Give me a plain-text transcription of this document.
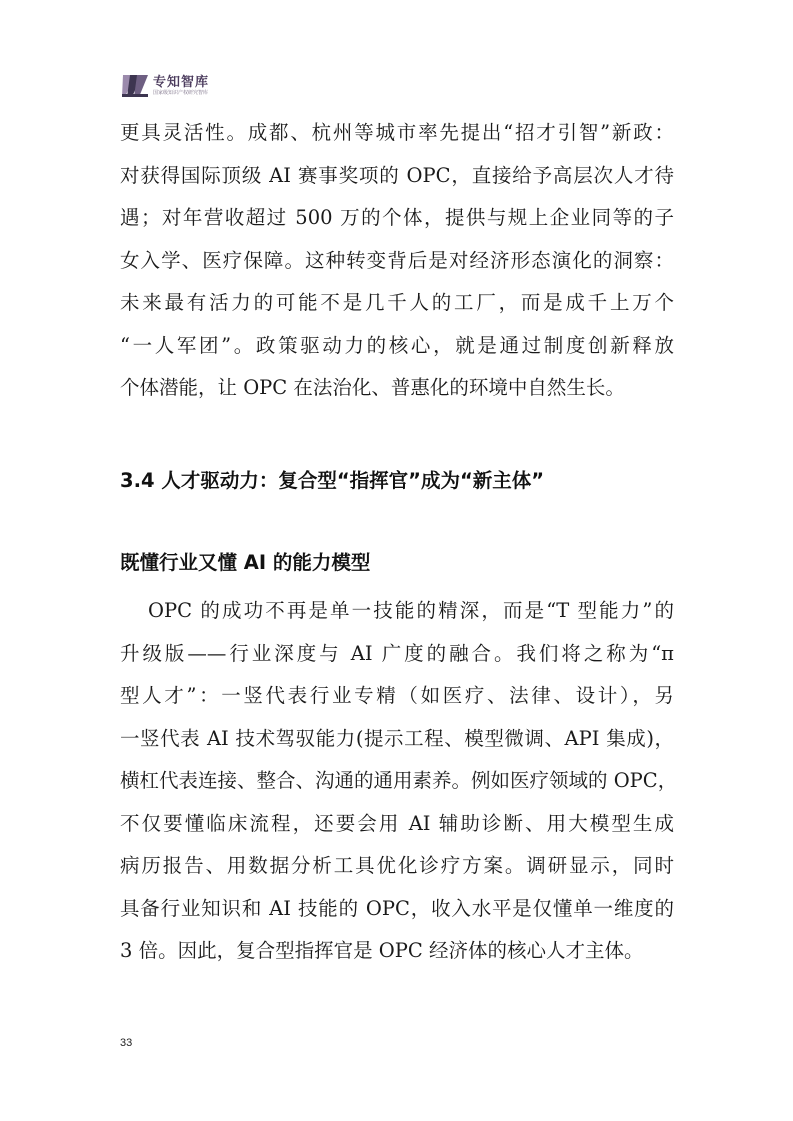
专知智库
国家级知识产权研究智库
更具灵活性。成都、杭州等城市率先提出“招才引智”新政：
对获得国际顶级 AI 赛事奖项的 OPC，直接给予高层次人才待
遇；对年营收超过 500 万的个体，提供与规上企业同等的子
女入学、医疗保障。这种转变背后是对经济形态演化的洞察：
未来最有活力的可能不是几千人的工厂，而是成千上万个
“一人军团”。政策驱动力的核心，就是通过制度创新释放
个体潜能，让 OPC 在法治化、普惠化的环境中自然生长。
3.4 人才驱动力：复合型“指挥官”成为“新主体”
既懂行业又懂 AI 的能力模型
OPC 的成功不再是单一技能的精深，而是“T 型能力”的
升级版——行业深度与 AI 广度的融合。我们将之称为“π
型人才”：一竖代表行业专精（如医疗、法律、设计），另
一竖代表 AI 技术驾驭能力(提示工程、模型微调、API 集成)，
横杠代表连接、整合、沟通的通用素养。例如医疗领域的 OPC，
不仅要懂临床流程，还要会用 AI 辅助诊断、用大模型生成
病历报告、用数据分析工具优化诊疗方案。调研显示，同时
具备行业知识和 AI 技能的 OPC，收入水平是仅懂单一维度的
3 倍。因此，复合型指挥官是 OPC 经济体的核心人才主体。
33
